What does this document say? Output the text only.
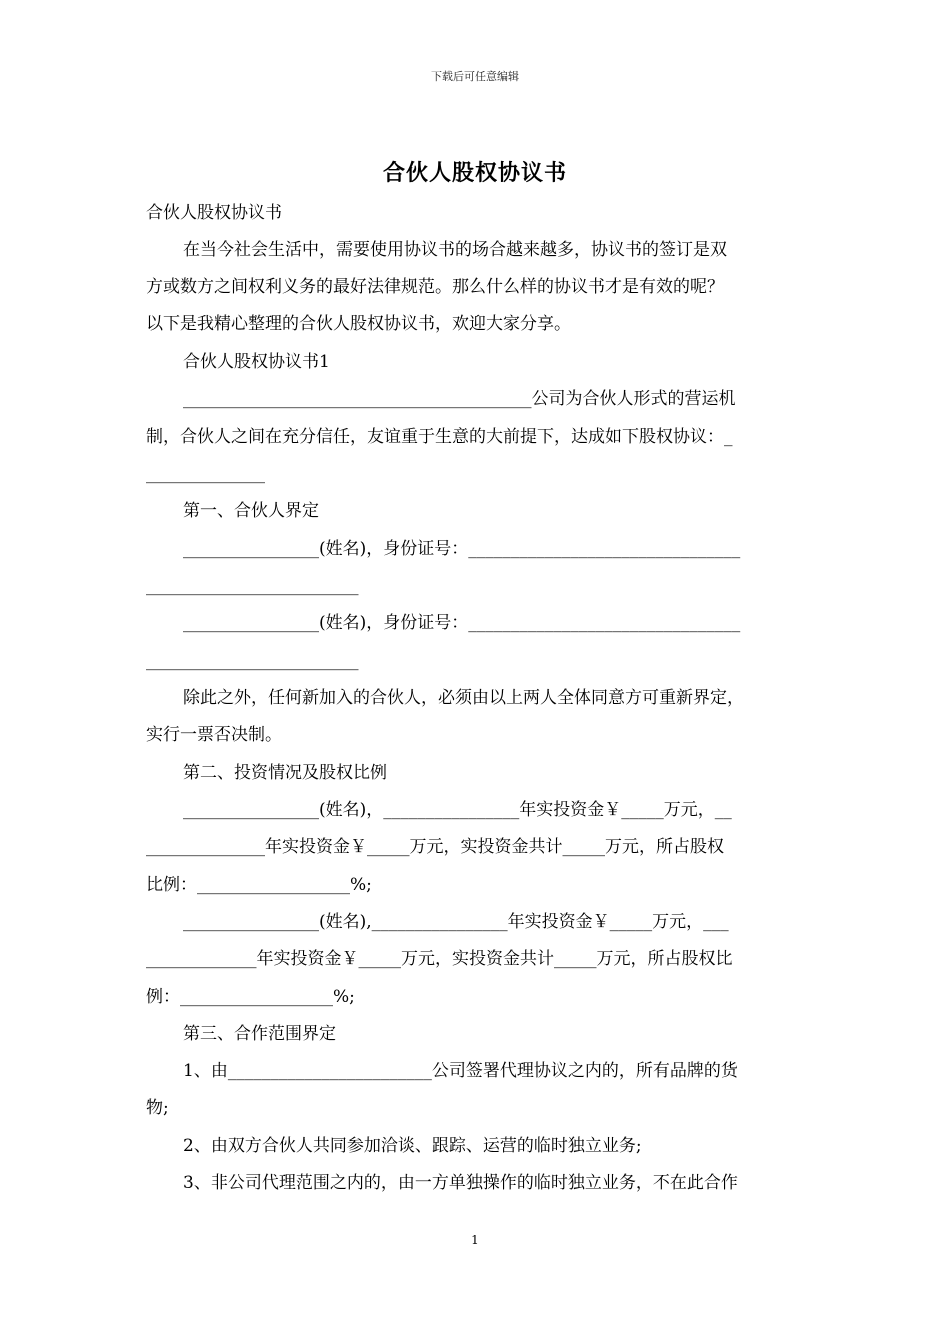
下载后可任意编辑
合伙人股权协议书
合伙人股权协议书
在当今社会生活中，需要使用协议书的场合越来越多，协议书的签订是双
方或数方之间权利义务的最好法律规范。那么什么样的协议书才是有效的呢？
以下是我精心整理的合伙人股权协议书，欢迎大家分享。
合伙人股权协议书1
_________________________________________公司为合伙人形式的营运机
制，合伙人之间在充分信任，友谊重于生意的大前提下，达成如下股权协议：_
______________
第一、合伙人界定
________________(姓名)，身份证号：________________________________
_________________________
________________(姓名)，身份证号：________________________________
_________________________
除此之外，任何新加入的合伙人，必须由以上两人全体同意方可重新界定，
实行一票否决制。
第二、投资情况及股权比例
________________(姓名)，________________年实投资金￥_____万元，__
______________年实投资金￥_____万元，实投资金共计_____万元，所占股权
比例：__________________%;
________________(姓名),________________年实投资金￥_____万元，___
_____________年实投资金￥_____万元，实投资金共计_____万元，所占股权比
例：__________________%;
第三、合作范围界定
1、由________________________公司签署代理协议之内的，所有品牌的货
物;
2、由双方合伙人共同参加洽谈、跟踪、运营的临时独立业务;
3、非公司代理范围之内的，由一方单独操作的临时独立业务，不在此合作
1
